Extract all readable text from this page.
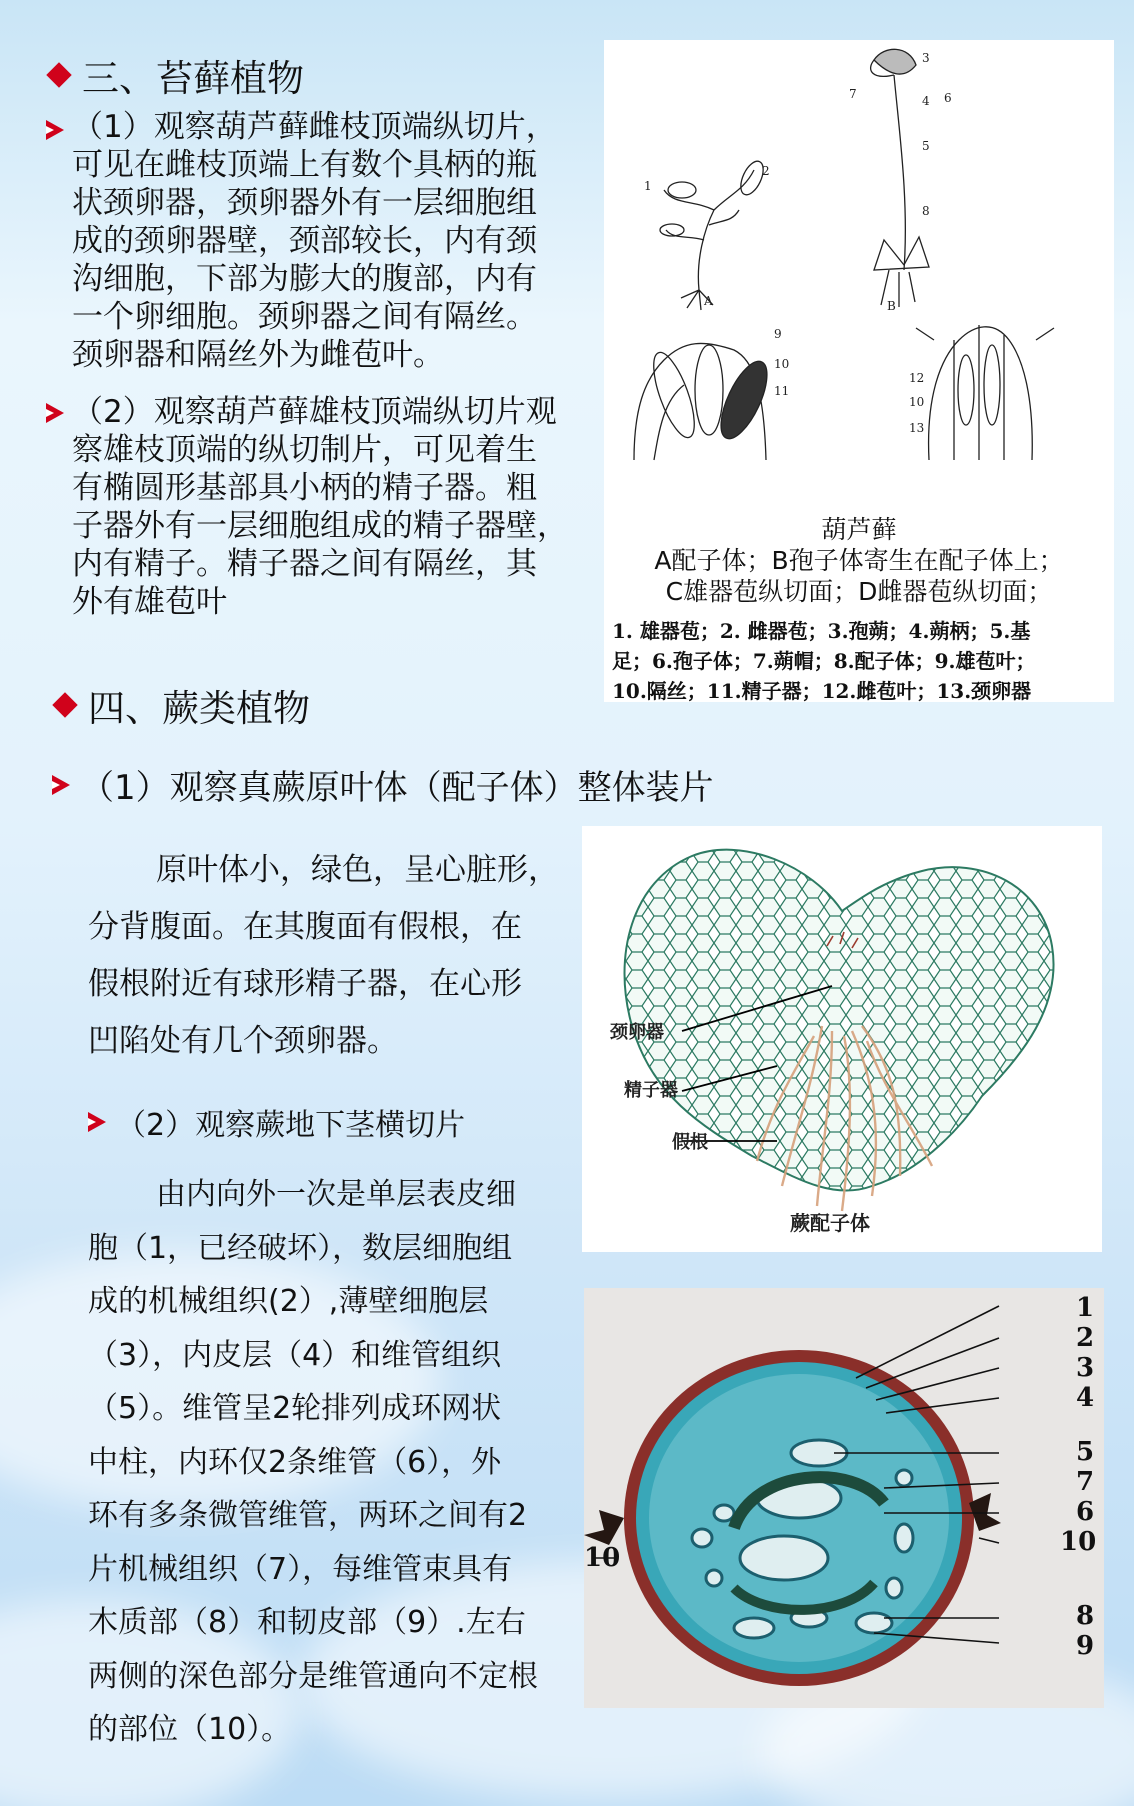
三、苔藓植物
（1）观察葫芦藓雌枝顶端纵切片，
可见在雌枝顶端上有数个具柄的瓶
状颈卵器，颈卵器外有一层细胞组
成的颈卵器壁，颈部较长，内有颈
沟细胞，下部为膨大的腹部，内有
一个卵细胞。颈卵器之间有隔丝。
颈卵器和隔丝外为雌苞叶。
（2）观察葫芦藓雄枝顶端纵切片观
察雄枝顶端的纵切制片，可见着生
有椭圆形基部具小柄的精子器。粗
子器外有一层细胞组成的精子器壁，
内有精子。精子器之间有隔丝，其
外有雄苞叶
1
2
3
4
5
6
7
8
9
10
11
12
10
13
A	B
葫芦藓
A配子体；B孢子体寄生在配子体上；
C雄器苞纵切面；D雌器苞纵切面；
1. 雄器苞；2. 雌器苞；3.孢蒴；4.蒴柄；5.基
足；6.孢子体；7.蒴帽；8.配子体；9.雄苞叶；
10.隔丝；11.精子器；12.雌苞叶；13.颈卵器
四、蕨类植物
（1）观察真蕨原叶体（配子体）整体装片
原叶体小，绿色，呈心脏形，
分背腹面。在其腹面有假根，在
假根附近有球形精子器，在心形
凹陷处有几个颈卵器。
（2）观察蕨地下茎横切片
由内向外一次是单层表皮细
胞（1，已经破坏），数层细胞组
成的机械组织(2）,薄壁细胞层
（3），内皮层（4）和维管组织
（5）。维管呈2轮排列成环网状
中柱，内环仅2条维管（6），外
环有多条微管维管，两环之间有2
片机械组织（7），每维管束具有
木质部（8）和韧皮部（9）.左右
两侧的深色部分是维管通向不定根
的部位（10）。
颈卵器
精子器
假根
蕨配子体
1
2
3
4
5
7
6
10
8
9
10
